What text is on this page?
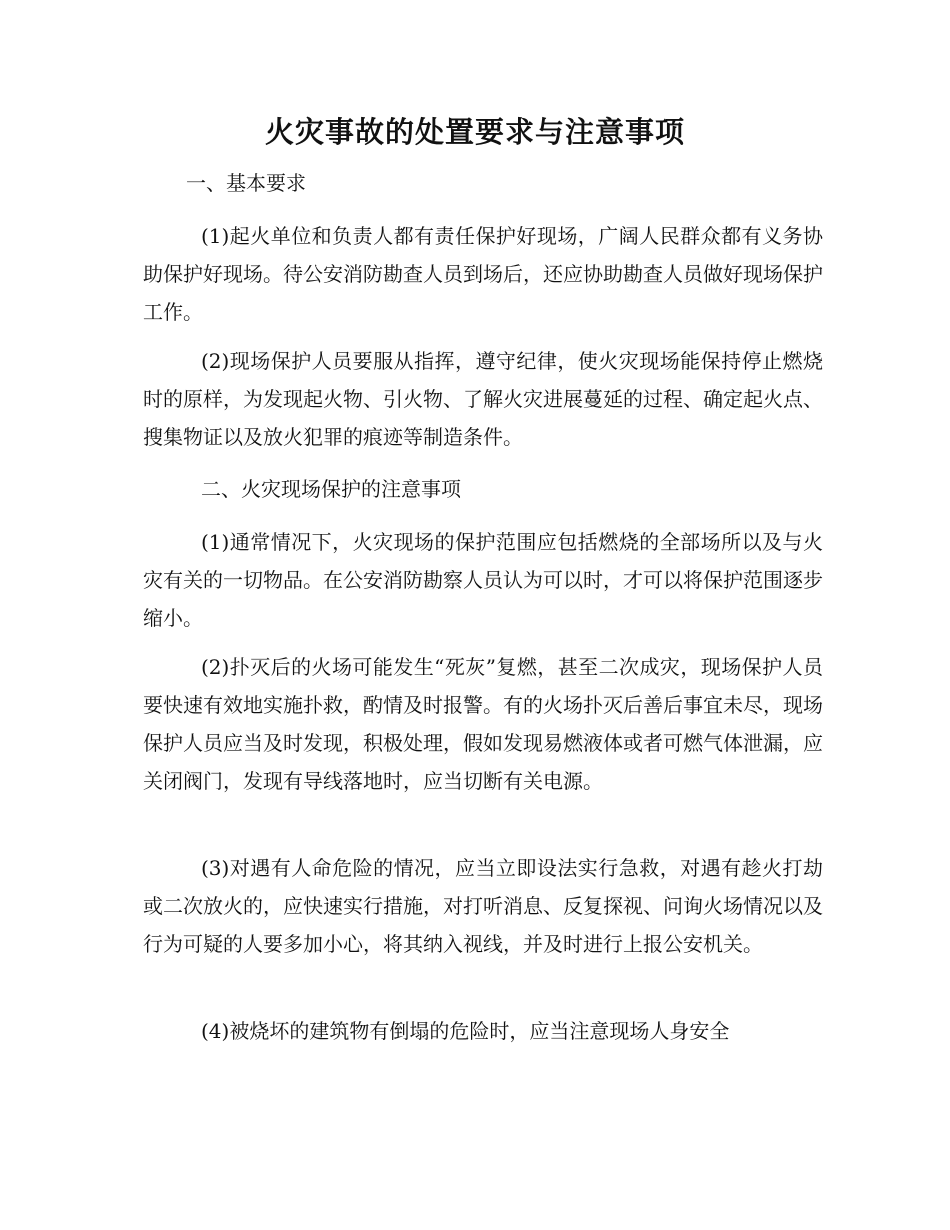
火灾事故的处置要求与注意事项
一、基本要求
(1)起火单位和负责人都有责任保护好现场，广阔人民群众都有义务协助保护好现场。待公安消防勘查人员到场后，还应协助勘查人员做好现场保护工作。
(2)现场保护人员要服从指挥，遵守纪律，使火灾现场能保持停止燃烧时的原样，为发现起火物、引火物、了解火灾进展蔓延的过程、确定起火点、搜集物证以及放火犯罪的痕迹等制造条件。
二、火灾现场保护的注意事项
(1)通常情况下，火灾现场的保护范围应包括燃烧的全部场所以及与火灾有关的一切物品。在公安消防勘察人员认为可以时，才可以将保护范围逐步缩小。
(2)扑灭后的火场可能发生“死灰”复燃，甚至二次成灾，现场保护人员要快速有效地实施扑救，酌情及时报警。有的火场扑灭后善后事宜未尽，现场保护人员应当及时发现，积极处理，假如发现易燃液体或者可燃气体泄漏，应关闭阀门，发现有导线落地时，应当切断有关电源。
(3)对遇有人命危险的情况，应当立即设法实行急救，对遇有趁火打劫或二次放火的，应快速实行措施，对打听消息、反复探视、问询火场情况以及行为可疑的人要多加小心，将其纳入视线，并及时进行上报公安机关。
(4)被烧坏的建筑物有倒塌的危险时，应当注意现场人身安全
